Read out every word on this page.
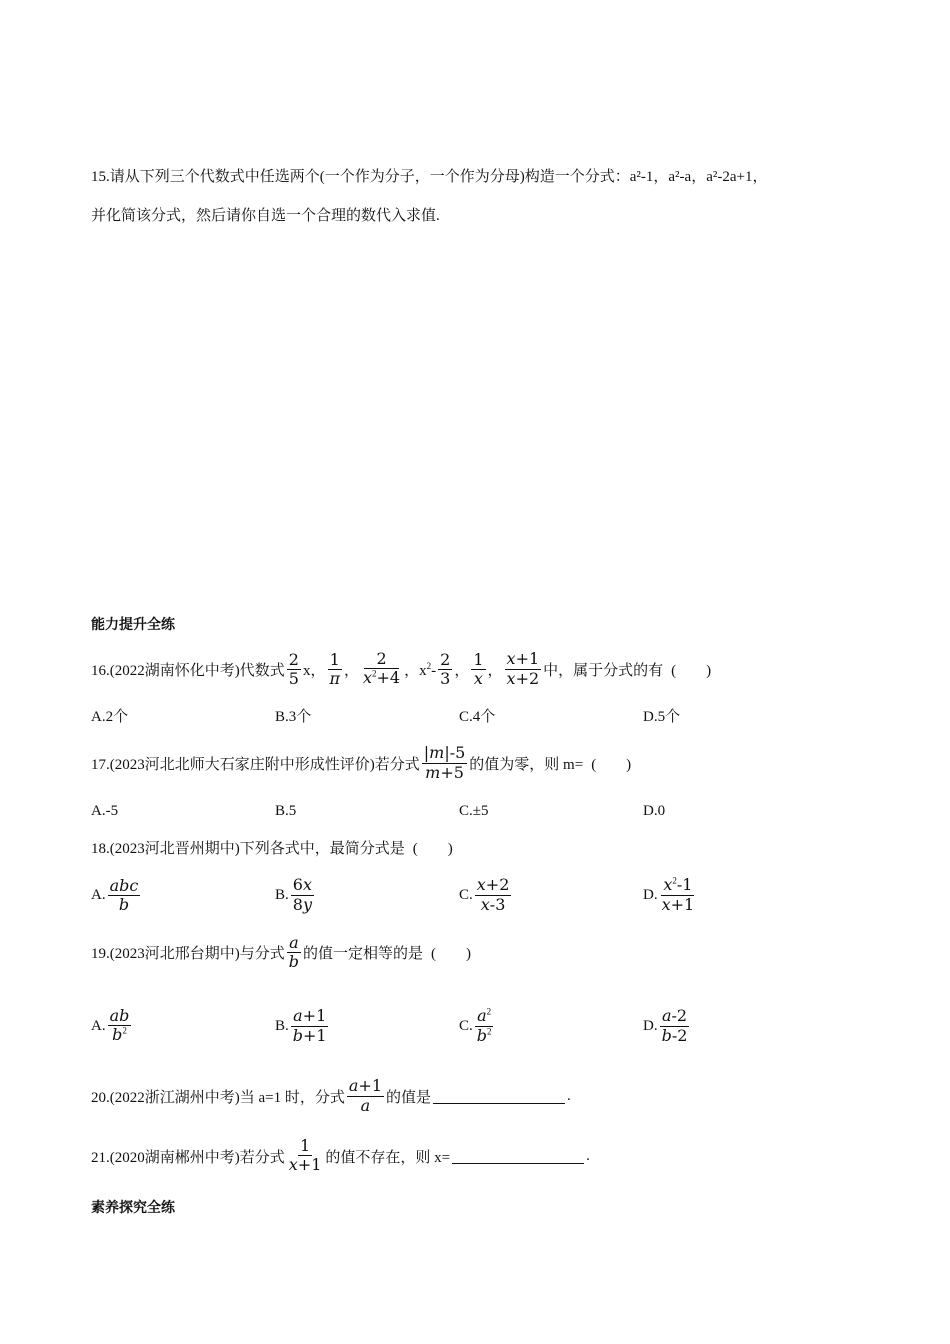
15.请从下列三个代数式中任选两个(一个作为分子，一个作为分母)构造一个分式：a²-1，a²-a，a²-2a+1，
并化简该分式，然后请你自选一个合理的数代入求值.
能力提升全练
16.(2022湖南怀化中考)代数式 $\frac{2}{5}$ x， $\frac{1}{\pi}$ ， $\frac{2}{x^2+4}$ ，$x^2- \frac{2}{3}$ ， $\frac{1}{x}$ ， $\frac{x+1}{x+2}$ 中，属于分式的有 (　　)
A.2个	B.3个	C.4个	D.5个
17.(2023河北北师大石家庄附中形成性评价)若分式 $\frac{|m|-5}{m+5}$ 的值为零，则 m= (　　)
A.-5	B.5	C.±5	D.0
18.(2023河北晋州期中)下列各式中，最简分式是 (　　)
A. $\frac{\text{abc}}{b}$	B. $\frac{6x}{8y}$	C. $\frac{x+2}{x-3}$	D. $\frac{x^2-1}{x+1}$
19.(2023河北邢台期中)与分式 $\frac{a}{b}$ 的值一定相等的是 (　　)
A. $\frac{ab}{b^2}$	B. $\frac{a+1}{b+1}$	C. $\frac{a^2}{b^2}$	D. $\frac{a-2}{b-2}$
20.(2022浙江湖州中考)当 a=1 时，分式 $\frac{a+1}{a}$ 的值是	.
21.(2020湖南郴州中考)若分式 $\frac{1}{x+1}$ 的值不存在，则 x=	.
素养探究全练
